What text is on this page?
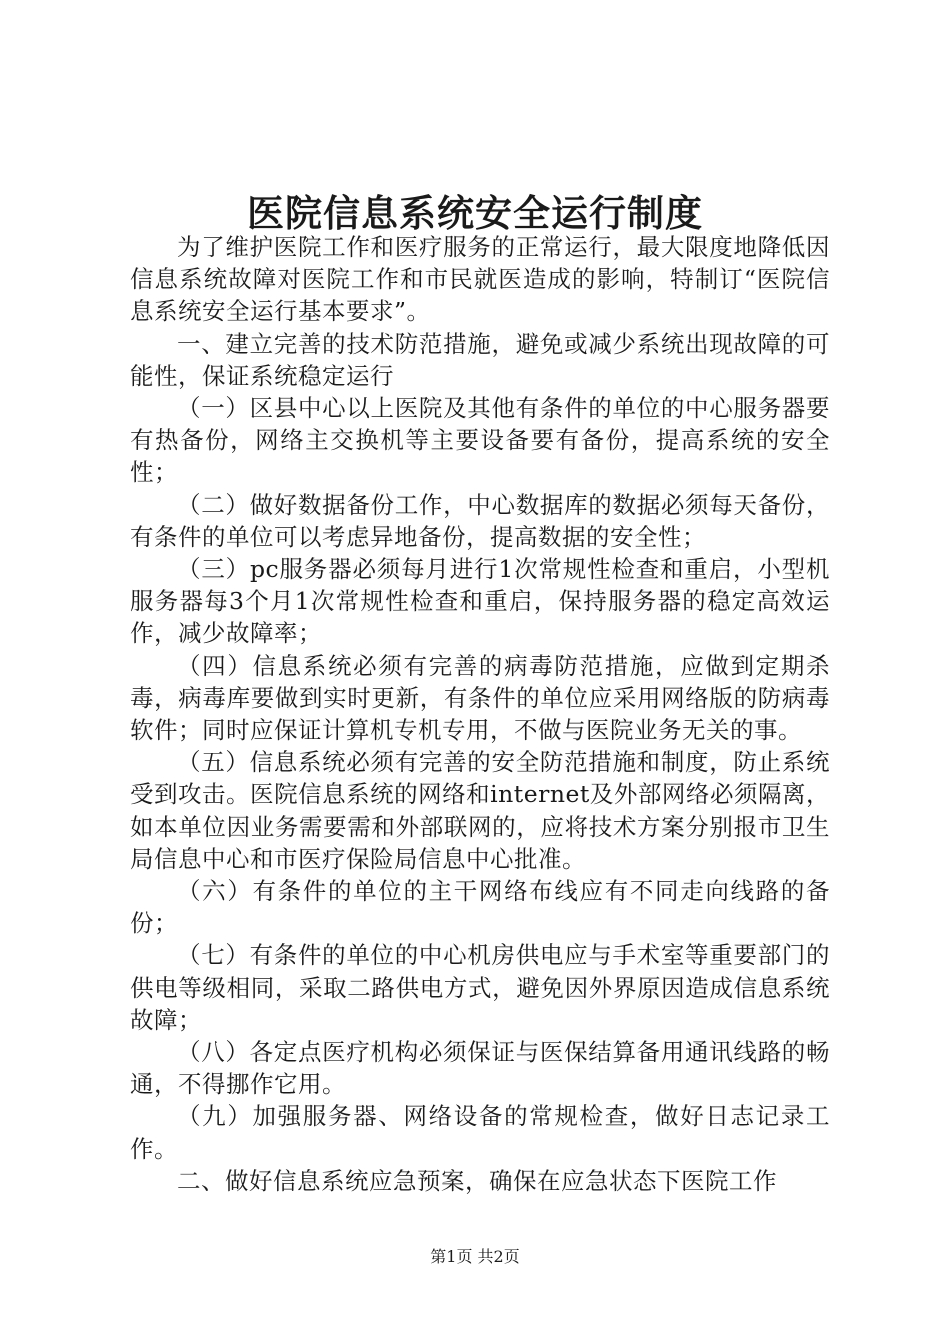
医院信息系统安全运行制度

为了维护医院工作和医疗服务的正常运行，最大限度地降低因信息系统故障对医院工作和市民就医造成的影响，特制订“医院信息系统安全运行基本要求”。

一、建立完善的技术防范措施，避免或减少系统出现故障的可能性，保证系统稳定运行

（一）区县中心以上医院及其他有条件的单位的中心服务器要有热备份，网络主交换机等主要设备要有备份，提高系统的安全性；

（二）做好数据备份工作，中心数据库的数据必须每天备份，有条件的单位可以考虑异地备份，提高数据的安全性；

（三）pc服务器必须每月进行1次常规性检查和重启，小型机服务器每3个月1次常规性检查和重启，保持服务器的稳定高效运作，减少故障率；

（四）信息系统必须有完善的病毒防范措施，应做到定期杀毒，病毒库要做到实时更新，有条件的单位应采用网络版的防病毒软件；同时应保证计算机专机专用，不做与医院业务无关的事。

（五）信息系统必须有完善的安全防范措施和制度，防止系统受到攻击。医院信息系统的网络和internet及外部网络必须隔离，如本单位因业务需要需和外部联网的，应将技术方案分别报市卫生局信息中心和市医疗保险局信息中心批准。

（六）有条件的单位的主干网络布线应有不同走向线路的备份；

（七）有条件的单位的中心机房供电应与手术室等重要部门的供电等级相同，采取二路供电方式，避免因外界原因造成信息系统故障；

（八）各定点医疗机构必须保证与医保结算备用通讯线路的畅通，不得挪作它用。

（九）加强服务器、网络设备的常规检查，做好日志记录工作。

二、做好信息系统应急预案，确保在应急状态下医院工作

第1页 共2页
